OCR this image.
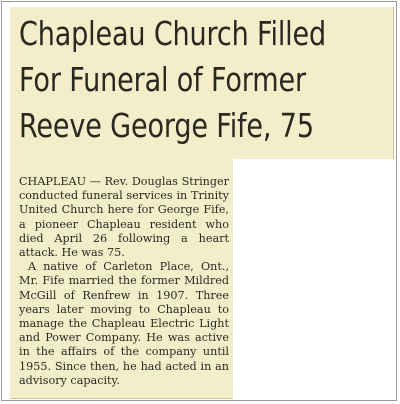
Chapleau Church Filled
For Funeral of Former
Reeve George Fife, 75

CHAPLEAU — Rev. Douglas Stringer conducted funeral services in Trinity United Church here for George Fife, a pioneer Chapleau resident who died April 26 following a heart attack. He was 75.

A native of Carleton Place, Ont., Mr. Fife married the former Mildred McGill of Renfrew in 1907. Three years later moving to Chapleau to manage the Chapleau Electric Light and Power Company. He was active in the affairs of the company until 1955. Since then, he had acted in an advisory capacity.
